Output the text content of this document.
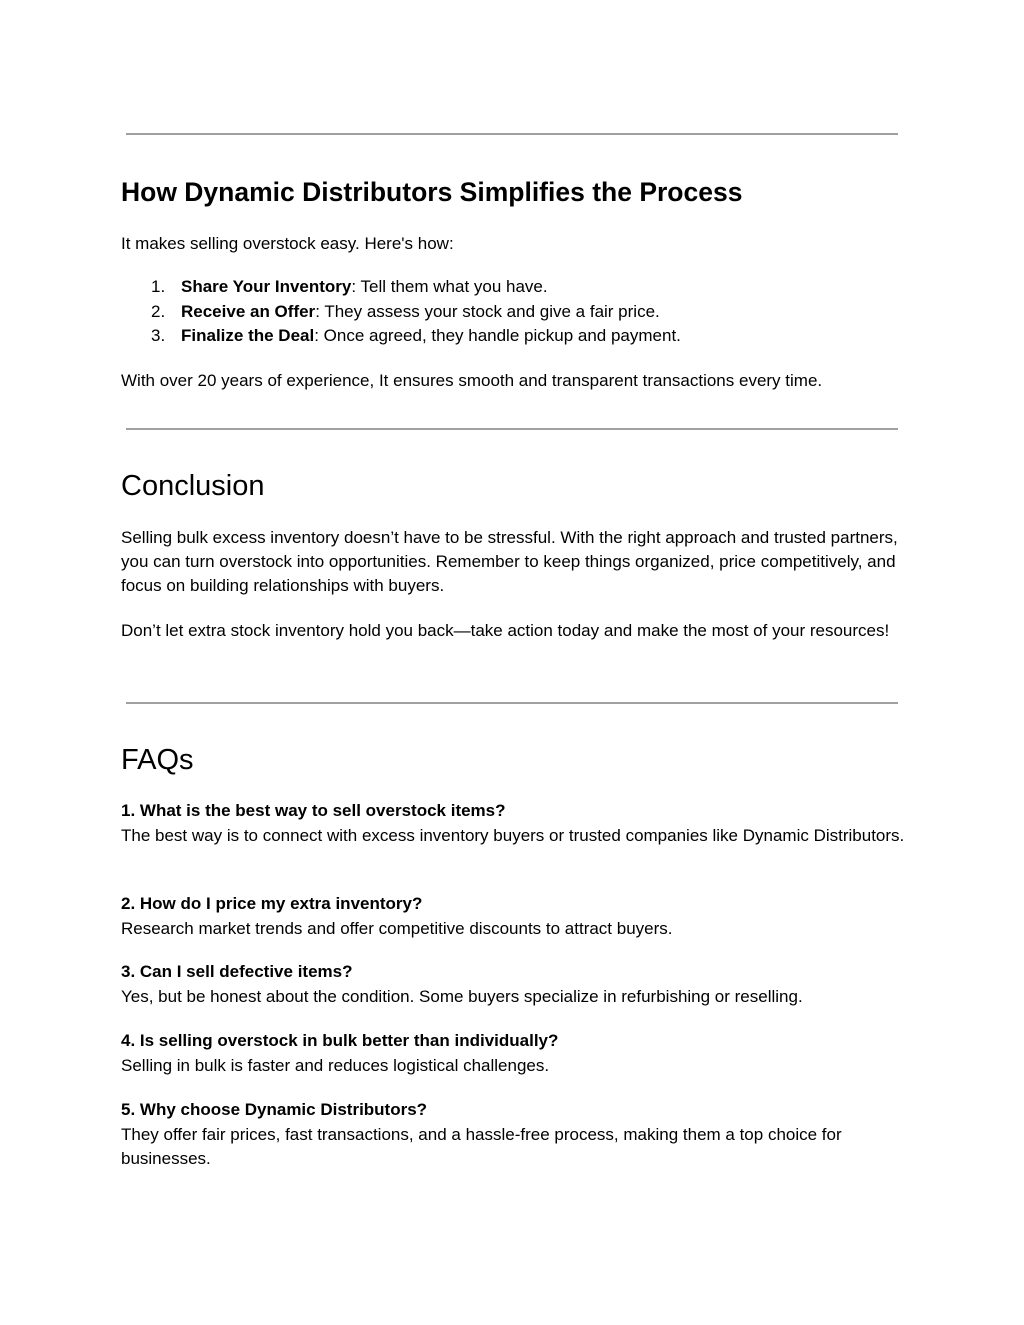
How Dynamic Distributors Simplifies the Process

It makes selling overstock easy. Here's how:

1. Share Your Inventory: Tell them what you have.
2. Receive an Offer: They assess your stock and give a fair price.
3. Finalize the Deal: Once agreed, they handle pickup and payment.

With over 20 years of experience, It ensures smooth and transparent transactions every time.

Conclusion

Selling bulk excess inventory doesn’t have to be stressful. With the right approach and trusted partners, you can turn overstock into opportunities. Remember to keep things organized, price competitively, and focus on building relationships with buyers.

Don’t let extra stock inventory hold you back—take action today and make the most of your resources!

FAQs
1. What is the best way to sell overstock items?
The best way is to connect with excess inventory buyers or trusted companies like Dynamic Distributors.
2. How do I price my extra inventory?
Research market trends and offer competitive discounts to attract buyers.
3. Can I sell defective items?
Yes, but be honest about the condition. Some buyers specialize in refurbishing or reselling.
4. Is selling overstock in bulk better than individually?
Selling in bulk is faster and reduces logistical challenges.
5. Why choose Dynamic Distributors?
They offer fair prices, fast transactions, and a hassle-free process, making them a top choice for businesses.
